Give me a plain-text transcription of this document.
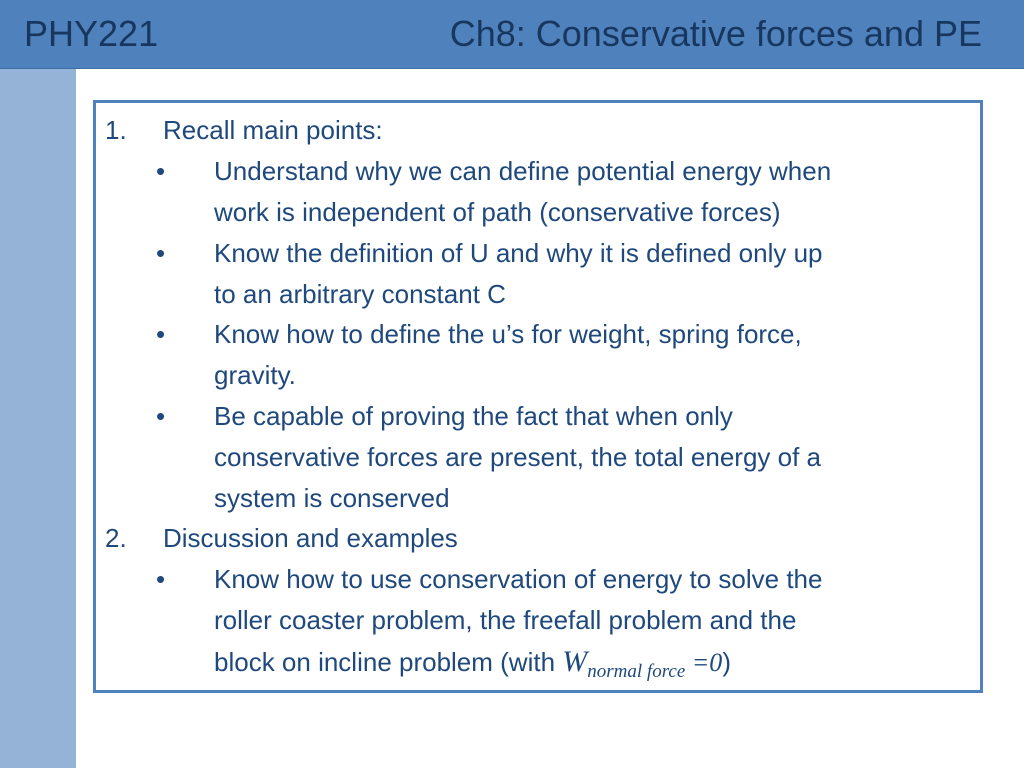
PHY221	Ch8: Conservative forces and PE
1. Recall main points:
• Understand why we can define potential energy when
work is independent of path (conservative forces)
• Know the definition of U and why it is defined only up
to an arbitrary constant C
• Know how to define the u’s for weight, spring force,
gravity.
• Be capable of proving the fact that when only
conservative forces are present, the total energy of a
system is conserved
2. Discussion and examples
• Know how to use conservation of energy to solve the
roller coaster problem, the freefall problem and the
block on incline problem (with $W_{normal force} =0$)
